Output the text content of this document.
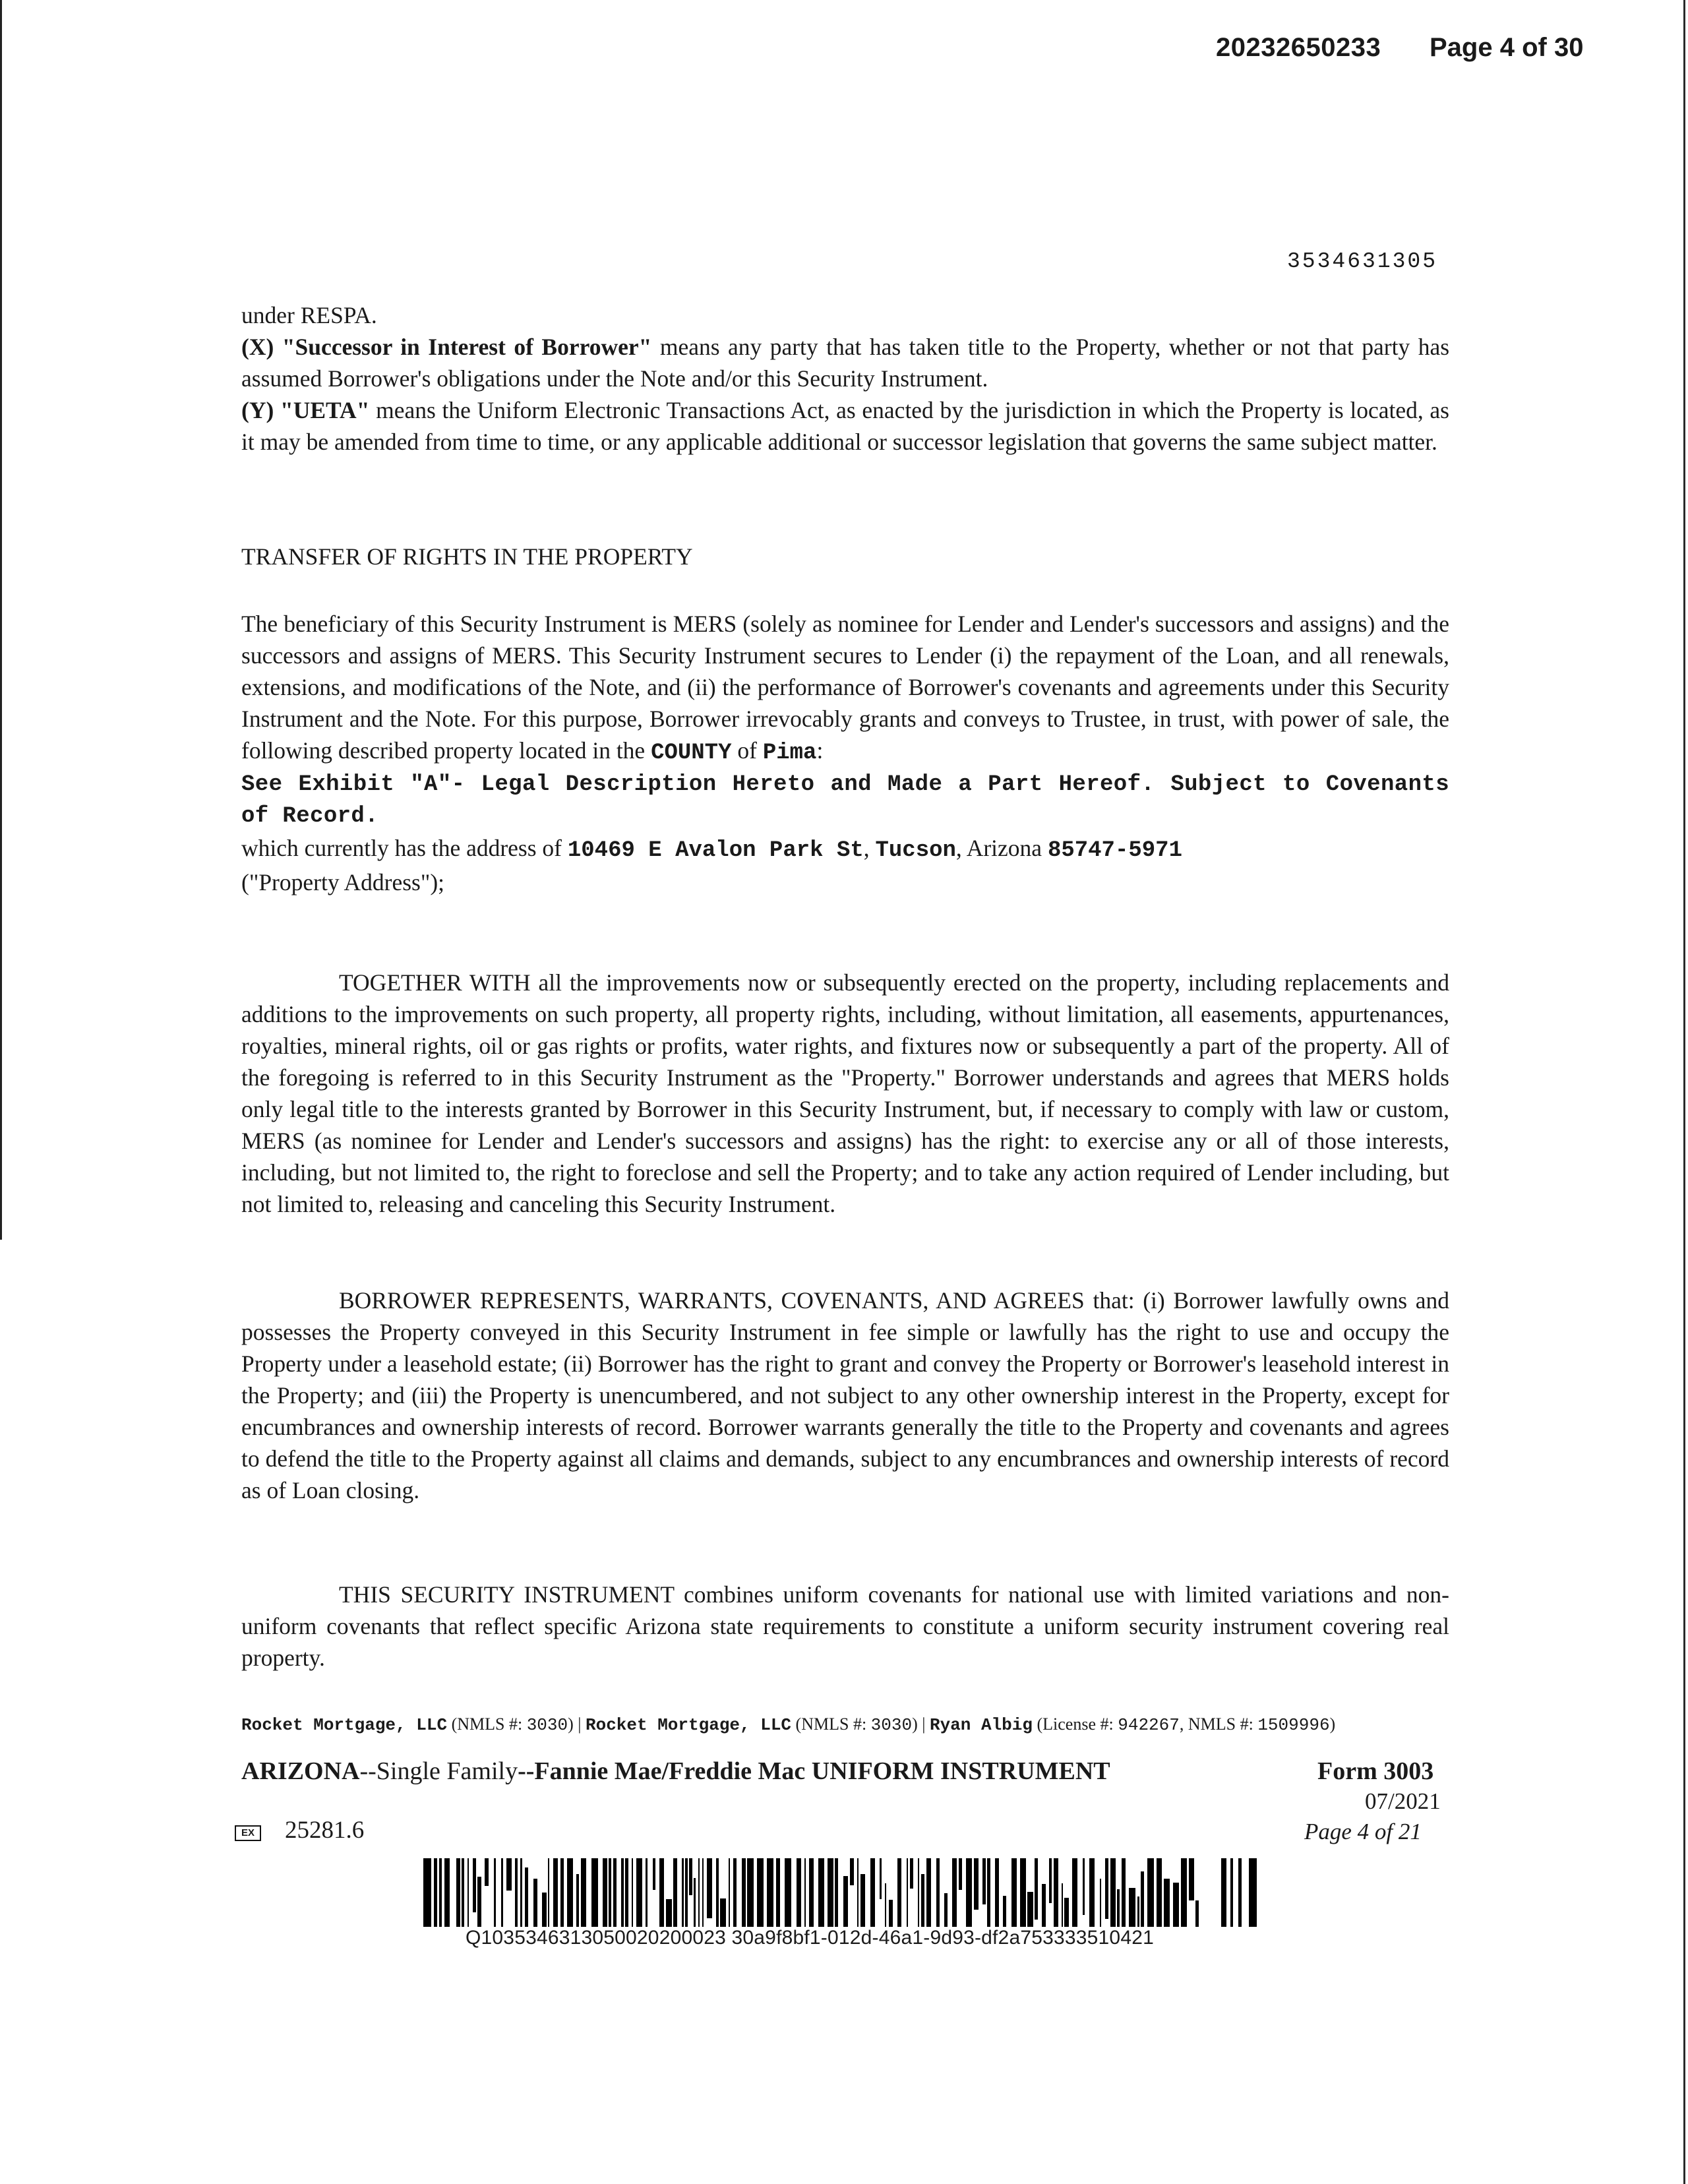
20232650233 Page 4 of 30
3534631305

under RESPA.

(X) "Successor in Interest of Borrower" means any party that has taken title to the Property, whether or not that party has assumed Borrower's obligations under the Note and/or this Security Instrument.

(Y) "UETA" means the Uniform Electronic Transactions Act, as enacted by the jurisdiction in which the Property is located, as it may be amended from time to time, or any applicable additional or successor legislation that governs the same subject matter.

TRANSFER OF RIGHTS IN THE PROPERTY

The beneficiary of this Security Instrument is MERS (solely as nominee for Lender and Lender's successors and assigns) and the successors and assigns of MERS. This Security Instrument secures to Lender (i) the repayment of the Loan, and all renewals, extensions, and modifications of the Note, and (ii) the performance of Borrower's covenants and agreements under this Security Instrument and the Note. For this purpose, Borrower irrevocably grants and conveys to Trustee, in trust, with power of sale, the following described property located in the COUNTY of Pima:

See Exhibit "A"- Legal Description Hereto and Made a Part Hereof. Subject to Covenants of Record.

which currently has the address of 10469 E Avalon Park St, Tucson, Arizona 85747-5971

("Property Address");

TOGETHER WITH all the improvements now or subsequently erected on the property, including replacements and additions to the improvements on such property, all property rights, including, without limitation, all easements, appurtenances, royalties, mineral rights, oil or gas rights or profits, water rights, and fixtures now or subsequently a part of the property. All of the foregoing is referred to in this Security Instrument as the "Property." Borrower understands and agrees that MERS holds only legal title to the interests granted by Borrower in this Security Instrument, but, if necessary to comply with law or custom, MERS (as nominee for Lender and Lender's successors and assigns) has the right: to exercise any or all of those interests, including, but not limited to, the right to foreclose and sell the Property; and to take any action required of Lender including, but not limited to, releasing and canceling this Security Instrument.

BORROWER REPRESENTS, WARRANTS, COVENANTS, AND AGREES that: (i) Borrower lawfully owns and possesses the Property conveyed in this Security Instrument in fee simple or lawfully has the right to use and occupy the Property under a leasehold estate; (ii) Borrower has the right to grant and convey the Property or Borrower's leasehold interest in the Property; and (iii) the Property is unencumbered, and not subject to any other ownership interest in the Property, except for encumbrances and ownership interests of record. Borrower warrants generally the title to the Property and covenants and agrees to defend the title to the Property against all claims and demands, subject to any encumbrances and ownership interests of record as of Loan closing.

THIS SECURITY INSTRUMENT combines uniform covenants for national use with limited variations and non-uniform covenants that reflect specific Arizona state requirements to constitute a uniform security instrument covering real property.

Rocket Mortgage, LLC (NMLS #: 3030) | Rocket Mortgage, LLC (NMLS #: 3030) | Ryan Albig (License #: 942267, NMLS #: 1509996)
ARIZONA--Single Family--Fannie Mae/Freddie Mac UNIFORM INSTRUMENT	Form 3003
07/2021
Page 4 of 21
EX 25281.6
Q1035346313050020200023 30a9f8bf1-012d-46a1-9d93-df2a753333510421
